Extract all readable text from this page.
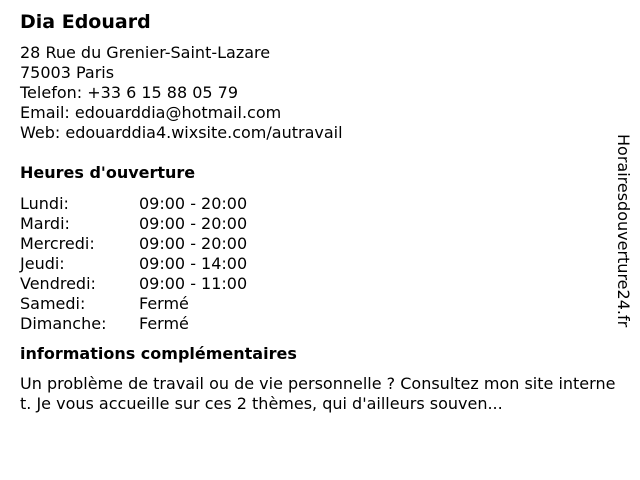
Dia Edouard
28 Rue du Grenier-Saint-Lazare
75003 Paris
Telefon: +33 6 15 88 05 79
Email: edouarddia@hotmail.com
Web: edouarddia4.wixsite.com/autravail
Heures d'ouverture
Lundi:	09:00 - 20:00
Mardi:	09:00 - 20:00
Mercredi:	09:00 - 20:00
Jeudi:	09:00 - 14:00
Vendredi:	09:00 - 11:00
Samedi:	Fermé
Dimanche: Fermé
informations complémentaires
Un problème de travail ou de vie personnelle ? Consultez mon site internet. Je vous accueille sur ces 2 thèmes, qui d'ailleurs souven...
Horairesdouverture24.fr
